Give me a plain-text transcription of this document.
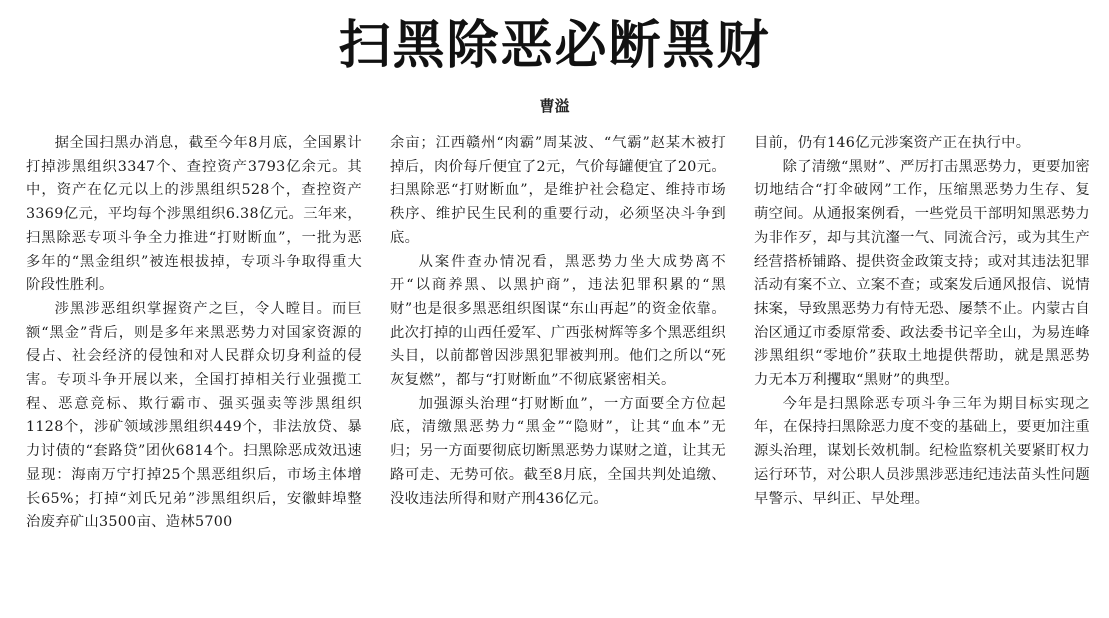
扫黑除恶必断黑财
曹溢

据全国扫黑办消息，截至今年8月底，全国累计打掉涉黑组织3347个、查控资产3793亿余元。其中，资产在亿元以上的涉黑组织528个，查控资产3369亿元，平均每个涉黑组织6.38亿元。三年来，扫黑除恶专项斗争全力推进“打财断血”，一批为恶多年的“黑金组织”被连根拔掉，专项斗争取得重大阶段性胜利。

涉黑涉恶组织掌握资产之巨，令人瞠目。而巨额“黑金”背后，则是多年来黑恶势力对国家资源的侵占、社会经济的侵蚀和对人民群众切身利益的侵害。专项斗争开展以来，全国打掉相关行业强揽工程、恶意竞标、欺行霸市、强买强卖等涉黑组织1128个，涉矿领域涉黑组织449个，非法放贷、暴力讨债的“套路贷”团伙6814个。扫黑除恶成效迅速显现：海南万宁打掉25个黑恶组织后，市场主体增长65%；打掉“刘氏兄弟”涉黑组织后，安徽蚌埠整治废弃矿山3500亩、造林5700

余亩；江西赣州“肉霸”周某波、“气霸”赵某木被打掉后，肉价每斤便宜了2元，气价每罐便宜了20元。扫黑除恶“打财断血”，是维护社会稳定、维持市场秩序、维护民生民利的重要行动，必须坚决斗争到底。

从案件查办情况看，黑恶势力坐大成势离不开“以商养黑、以黑护商”，违法犯罪积累的“黑财”也是很多黑恶组织图谋“东山再起”的资金依靠。此次打掉的山西任爱军、广西张树辉等多个黑恶组织头目，以前都曾因涉黑犯罪被判刑。他们之所以“死灰复燃”，都与“打财断血”不彻底紧密相关。

加强源头治理“打财断血”，一方面要全方位起底，清缴黑恶势力“黑金”“隐财”，让其“血本”无归；另一方面要彻底切断黑恶势力谋财之道，让其无路可走、无势可依。截至8月底，全国共判处追缴、没收违法所得和财产刑436亿元。

目前，仍有146亿元涉案资产正在执行中。

除了清缴“黑财”、严厉打击黑恶势力，更要加密切地结合“打伞破网”工作，压缩黑恶势力生存、复萌空间。从通报案例看，一些党员干部明知黑恶势力为非作歹，却与其沆瀣一气、同流合污，或为其生产经营搭桥铺路、提供资金政策支持；或对其违法犯罪活动有案不立、立案不查；或案发后通风报信、说情抹案，导致黑恶势力有恃无恐、屡禁不止。内蒙古自治区通辽市委原常委、政法委书记辛全山，为易连峰涉黑组织“零地价”获取土地提供帮助，就是黑恶势力无本万利攫取“黑财”的典型。

今年是扫黑除恶专项斗争三年为期目标实现之年，在保持扫黑除恶力度不变的基础上，要更加注重源头治理，谋划长效机制。纪检监察机关要紧盯权力运行环节，对公职人员涉黑涉恶违纪违法苗头性问题早警示、早纠正、早处理。
